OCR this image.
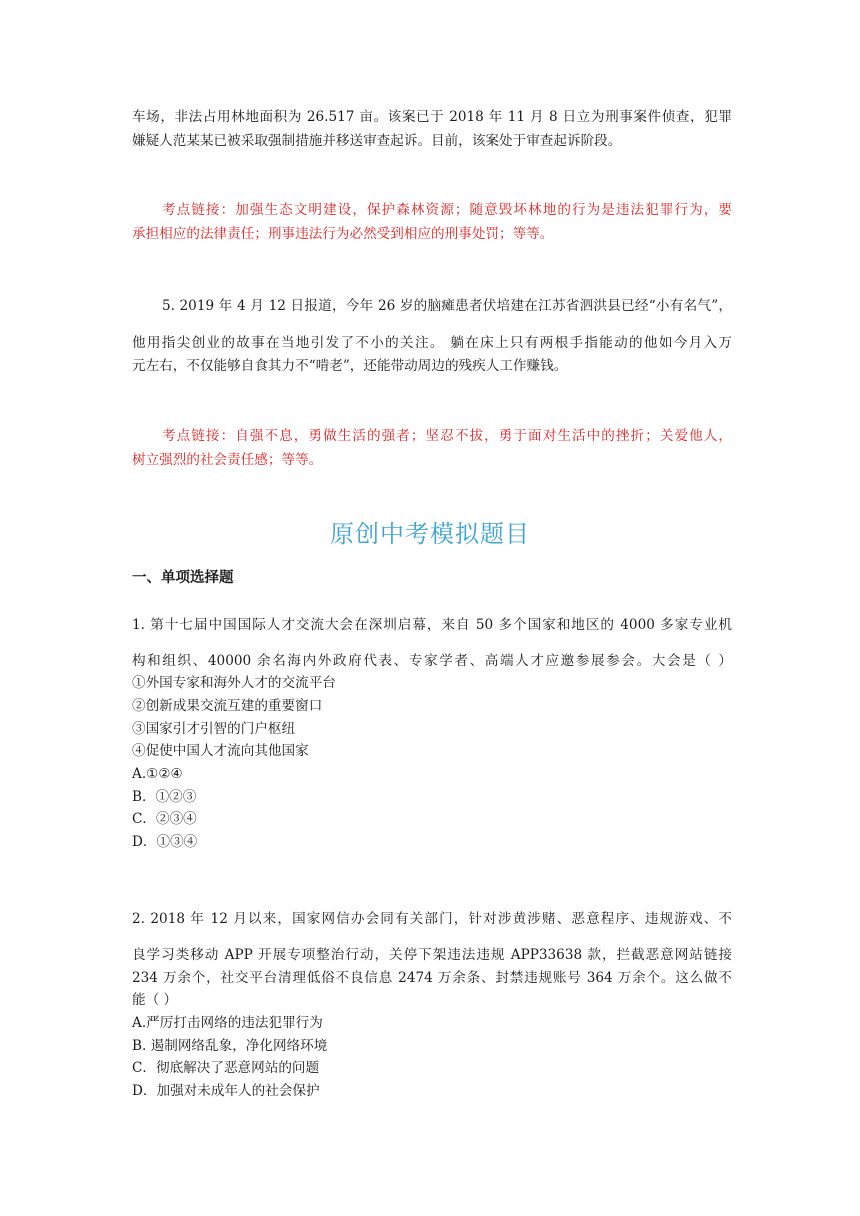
车场，非法占用林地面积为 26.517 亩。该案已于 2018 年 11 月 8 日立为刑事案件侦查，犯罪
嫌疑人范某某已被采取强制措施并移送审查起诉。目前，该案处于审查起诉阶段。
考点链接：加强生态文明建设，保护森林资源；随意毁坏林地的行为是违法犯罪行为，要
承担相应的法律责任；刑事违法行为必然受到相应的刑事处罚；等等。
5. 2019 年 4 月 12 日报道，今年 26 岁的脑瘫患者伏培建在江苏省泗洪县已经“小有名气”，
他用指尖创业的故事在当地引发了不小的关注。 躺在床上只有两根手指能动的他如今月入万
元左右，不仅能够自食其力不“啃老”，还能带动周边的残疾人工作赚钱。
考点链接：自强不息，勇做生活的强者；坚忍不拔，勇于面对生活中的挫折；关爱他人，
树立强烈的社会责任感；等等。
原创中考模拟题目
一、单项选择题
1. 第十七届中国国际人才交流大会在深圳启幕，来自 50 多个国家和地区的 4000 多家专业机
构和组织、40000 余名海内外政府代表、专家学者、高端人才应邀参展参会。大会是（ ）
①外国专家和海外人才的交流平台
②创新成果交流互建的重要窗口
③国家引才引智的门户枢纽
④促使中国人才流向其他国家
A.①②④
B．①②③
C．②③④
D．①③④
2. 2018 年 12 月以来，国家网信办会同有关部门，针对涉黄涉赌、恶意程序、违规游戏、不
良学习类移动 APP 开展专项整治行动，关停下架违法违规 APP33638 款，拦截恶意网站链接
234 万余个，社交平台清理低俗不良信息 2474 万余条、封禁违规账号 364 万余个。这么做不
能（ ）
A.严厉打击网络的违法犯罪行为
B. 遏制网络乱象，净化网络环境
C．彻底解决了恶意网站的问题
D．加强对未成年人的社会保护
